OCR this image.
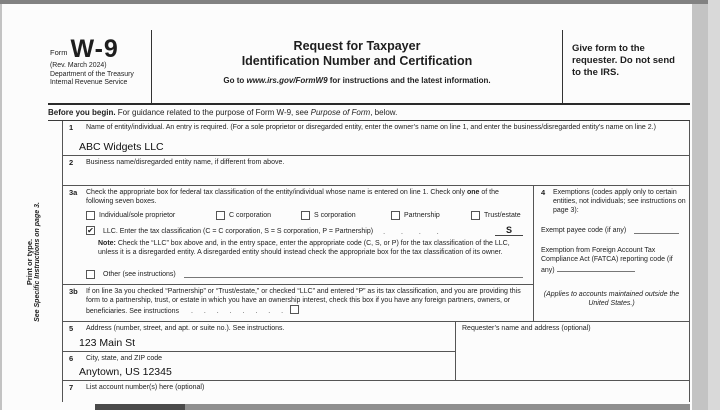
Form W-9
(Rev. March 2024)
Department of the Treasury
Internal Revenue Service
Request for Taxpayer
Identification Number and Certification
Go to www.irs.gov/FormW9 for instructions and the latest information.
Give form to the requester. Do not send to the IRS.
Before you begin. For guidance related to the purpose of Form W-9, see Purpose of Form, below.
Print or type. See Specific Instructions on page 3.
1	Name of entity/individual. An entry is required. (For a sole proprietor or disregarded entity, enter the owner’s name on line 1, and enter the business/disregarded entity’s name on line 2.)
ABC Widgets LLC
2	Business name/disregarded entity name, if different from above.
3a	Check the appropriate box for federal tax classification of the entity/individual whose name is entered on line 1. Check only one of the following seven boxes.
Individual/sole proprietor	C corporation	S corporation	Partnership	Trust/estate
✔ LLC. Enter the tax classification (C = C corporation, S = S corporation, P = Partnership) . . . .	S
Note: Check the “LLC” box above and, in the entry space, enter the appropriate code (C, S, or P) for the tax classification of the LLC, unless it is a disregarded entity. A disregarded entity should instead check the appropriate box for the tax classification of its owner.
Other (see instructions)
3b	If on line 3a you checked “Partnership” or “Trust/estate,” or checked “LLC” and entered “P” as its tax classification, and you are providing this form to a partnership, trust, or estate in which you have an ownership interest, check this box if you have any foreign partners, owners, or beneficiaries. See instructions . . . . . . . .
4	Exemptions (codes apply only to certain entities, not individuals; see instructions on page 3):
Exempt payee code (if any)
Exemption from Foreign Account Tax Compliance Act (FATCA) reporting code (if any)
(Applies to accounts maintained outside the United States.)
5	Address (number, street, and apt. or suite no.). See instructions.
123 Main St
6	City, state, and ZIP code
Anytown, US 12345
Requester’s name and address (optional)
7	List account number(s) here (optional)
